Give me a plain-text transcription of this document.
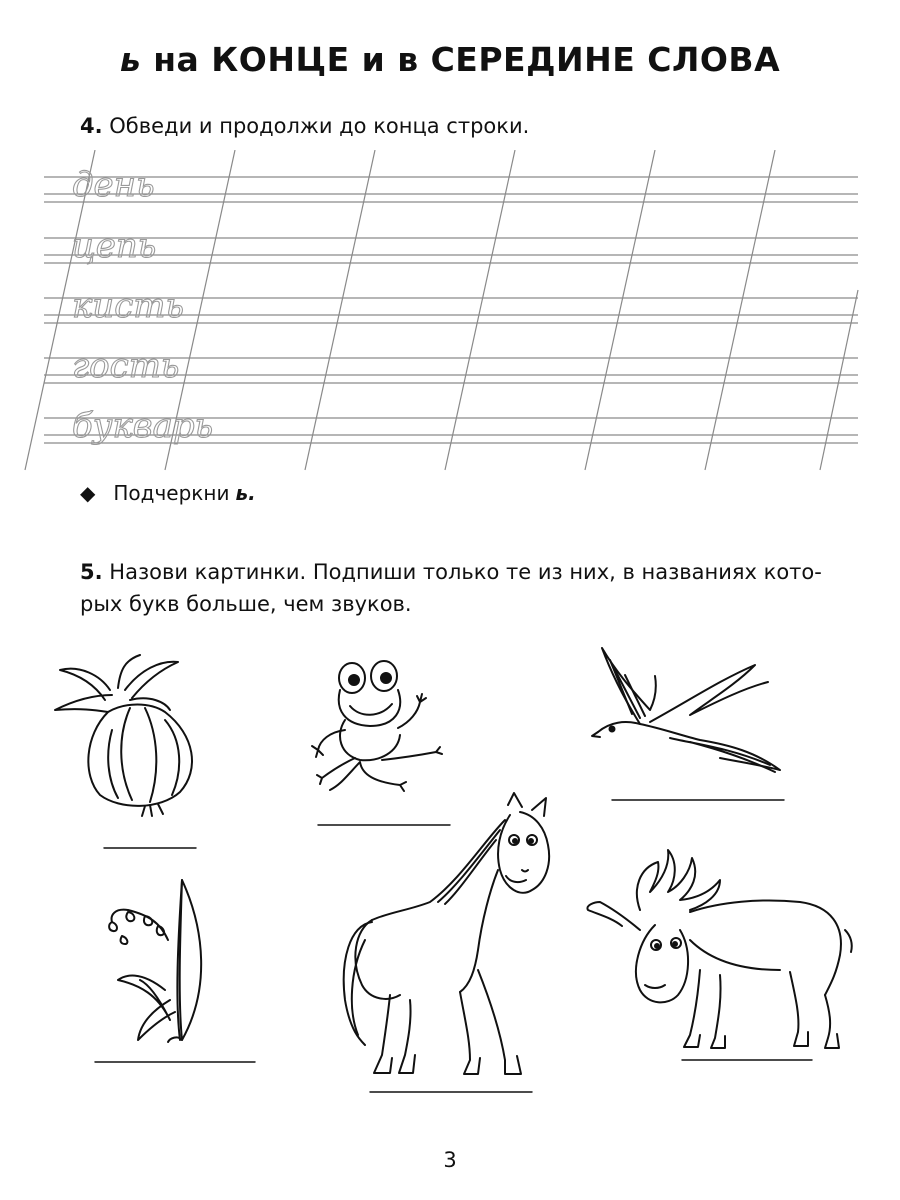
ь на КОНЦЕ и в СЕРЕДИНЕ СЛОВА
4. Обведи и продолжи до конца строки.
день
цепь
кисть
гость
букварь
◆ Подчеркни ь.
5. Назови картинки. Подпиши только те из них, в названиях кото-
рых букв больше, чем звуков.
3
